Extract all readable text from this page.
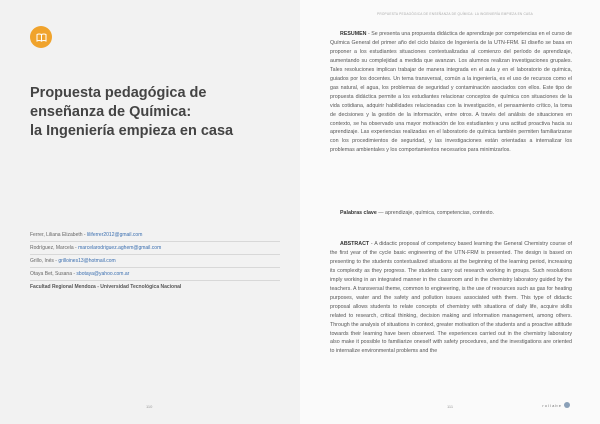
Propuesta pedagógica de
enseñanza de Química:
la Ingeniería empieza en casa
Ferrer, Liliana Elizabeth - liliferrer2012@gmail.com
Rodríguez, Marcela - marcelarodriguez.aghem@gmail.com
Grillo, Inés - grilloines13@hotmail.com
Otaya Bet, Susana - sbotaya@yahoo.com.ar
Facultad Regional Mendoza - Universidad Tecnológica Nacional
110
PROPUESTA PEDAGÓGICA DE ENSEÑANZA DE QUÍMICA: LA INGENIERÍA EMPIEZA EN CASA
RESUMEN - Se presenta una propuesta didáctica de aprendizaje por competencias en el curso de Química General del primer año del ciclo básico de Ingeniería de la UTN-FRM. El diseño se basa en proponer a los estudiantes situaciones contextualizadas al comienzo del período de aprendizaje, aumentando su complejidad a medida que avanzan. Los alumnos realizan investigaciones grupales. Tales resoluciones implican trabajar de manera integrada en el aula y en el laboratorio de química, guiados por los docentes. Un tema transversal, común a la ingeniería, es el uso de recursos como el gas natural, el agua, los problemas de seguridad y contaminación asociados con ellos. Este tipo de propuesta didáctica permite a los estudiantes relacionar conceptos de química con situaciones de la vida cotidiana, adquirir habilidades relacionadas con la investigación, el pensamiento crítico, la toma de decisiones y la gestión de la información, entre otros. A través del análisis de situaciones en contexto, se ha observado una mayor motivación de los estudiantes y una actitud proactiva hacia su aprendizaje. Las experiencias realizadas en el laboratorio de química también permiten familiarizarse con los procedimientos de seguridad, y las investigaciones están orientadas a internalizar los problemas ambientales y los comportamientos necesarios para minimizarlos.
Palabras clave — aprendizaje, química, competencias, contexto.
ABSTRACT - A didactic proposal of competency based learning the General Chemistry course of the first year of the cycle basic engineering of the UTN-FRM is presented. The design is based on presenting to the students contextualized situations at the beginning of the learning period, increasing its complexity as they progress. The students carry out research working in groups. Such resolutions imply working in an integrated manner in the classroom and in the chemistry laboratory guided by the teachers. A transversal theme, common to engineering, is the use of resources such as gas for heating purposes, water and the safety and pollution issues associated with them. This type of didactic proposal allows students to relate concepts of chemistry with situations of daily life, acquire skills related to research, critical thinking, decision making and information management, among others. Through the analysis of situations in context, greater motivation of the students and a proactive attitude towards their learning have been observed. The experiences carried out in the chemistry laboratory also make it possible to familiarize oneself with safety procedures, and the investigations are oriented to internalize environmental problems and the
111	r o l l a b e
